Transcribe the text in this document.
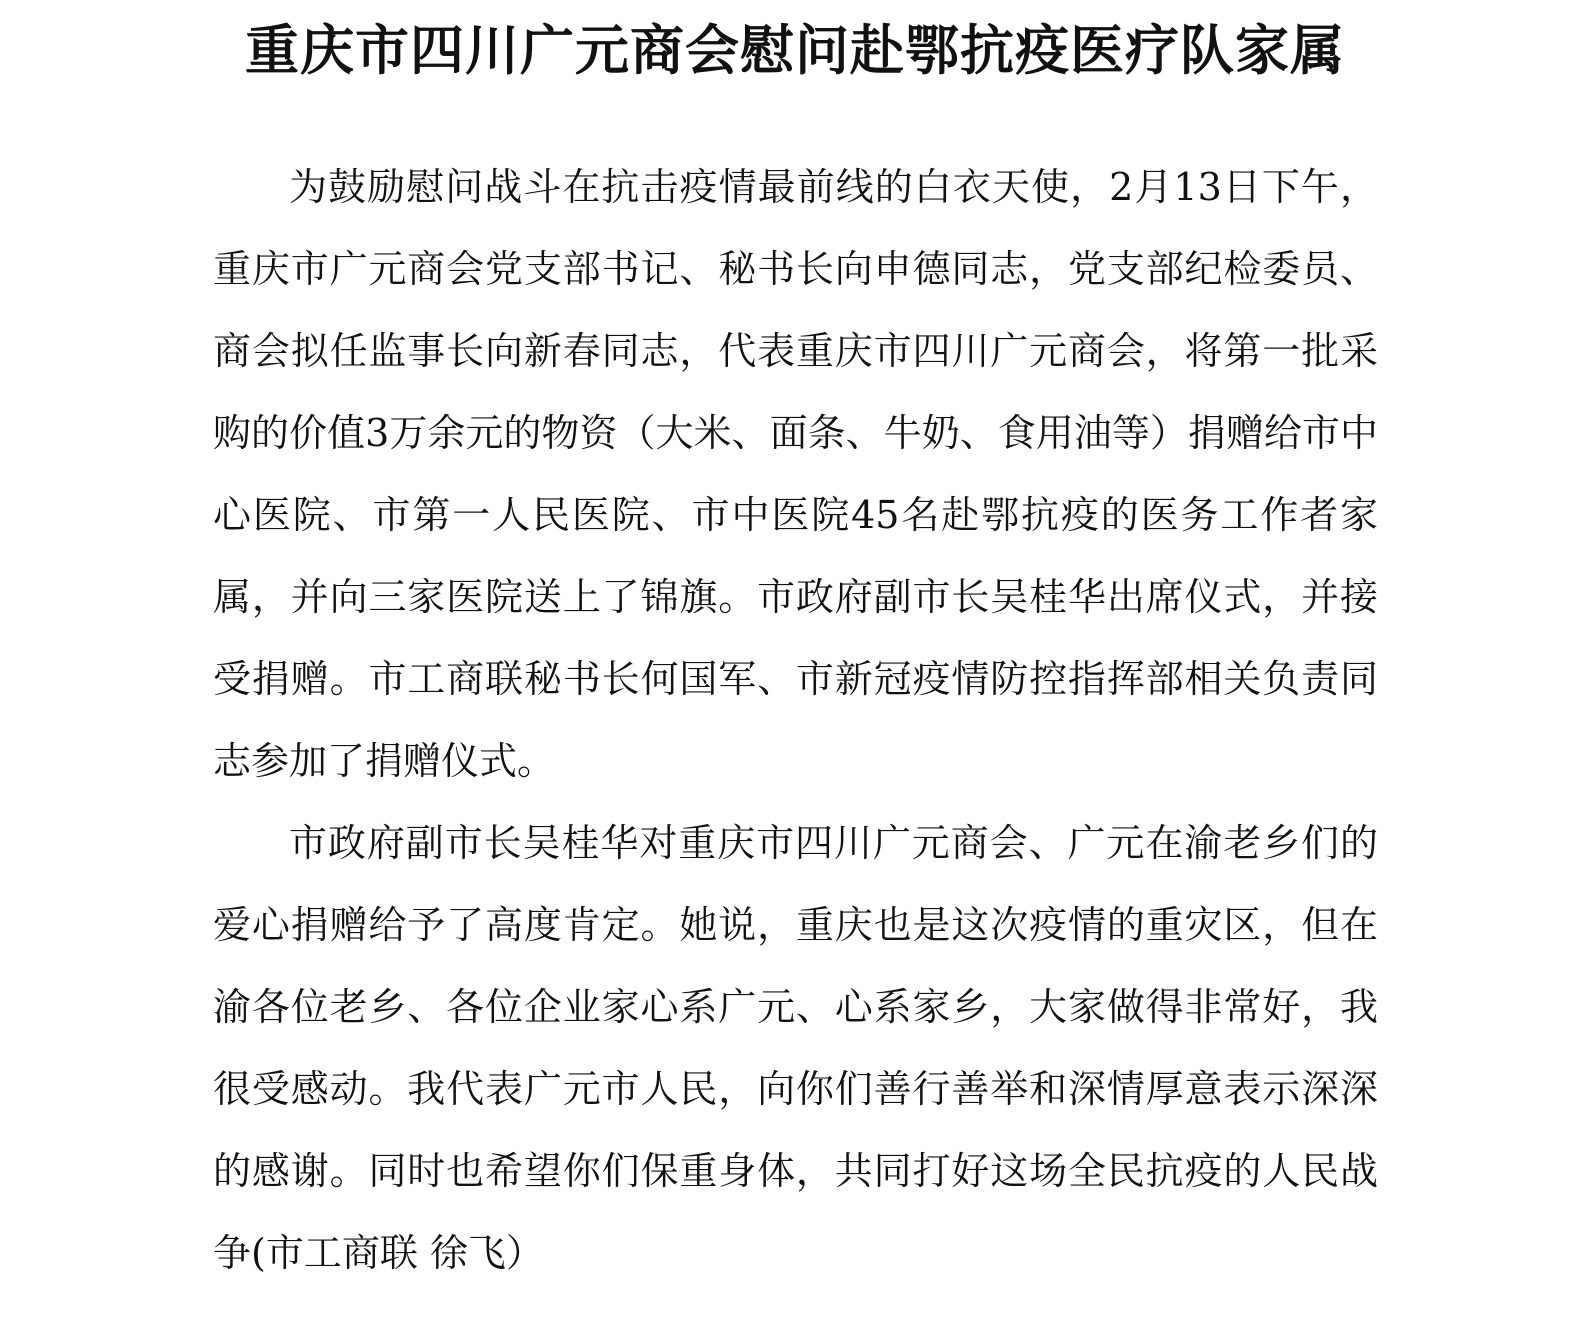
重庆市四川广元商会慰问赴鄂抗疫医疗队家属

为鼓励慰问战斗在抗击疫情最前线的白衣天使，2月13日下午，重庆市广元商会党支部书记、秘书长向申德同志，党支部纪检委员、商会拟任监事长向新春同志，代表重庆市四川广元商会，将第一批采购的价值3万余元的物资（大米、面条、牛奶、食用油等）捐赠给市中心医院、市第一人民医院、市中医院45名赴鄂抗疫的医务工作者家属，并向三家医院送上了锦旗。市政府副市长吴桂华出席仪式，并接受捐赠。市工商联秘书长何国军、市新冠疫情防控指挥部相关负责同志参加了捐赠仪式。

市政府副市长吴桂华对重庆市四川广元商会、广元在渝老乡们的爱心捐赠给予了高度肯定。她说，重庆也是这次疫情的重灾区，但在渝各位老乡、各位企业家心系广元、心系家乡，大家做得非常好，我很受感动。我代表广元市人民，向你们善行善举和深情厚意表示深深的感谢。同时也希望你们保重身体，共同打好这场全民抗疫的人民战争(市工商联 徐飞）
